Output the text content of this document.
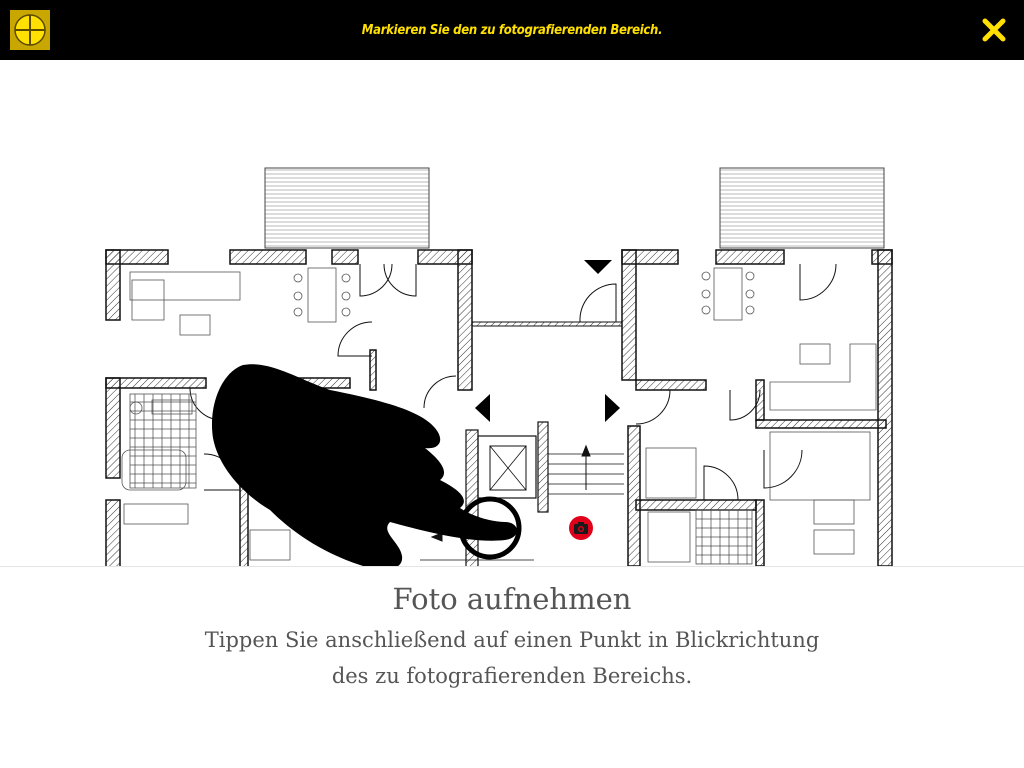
Markieren Sie den zu fotografierenden Bereich.
Foto aufnehmen
Tippen Sie anschließend auf einen Punkt in Blickrichtung
des zu fotografierenden Bereichs.
